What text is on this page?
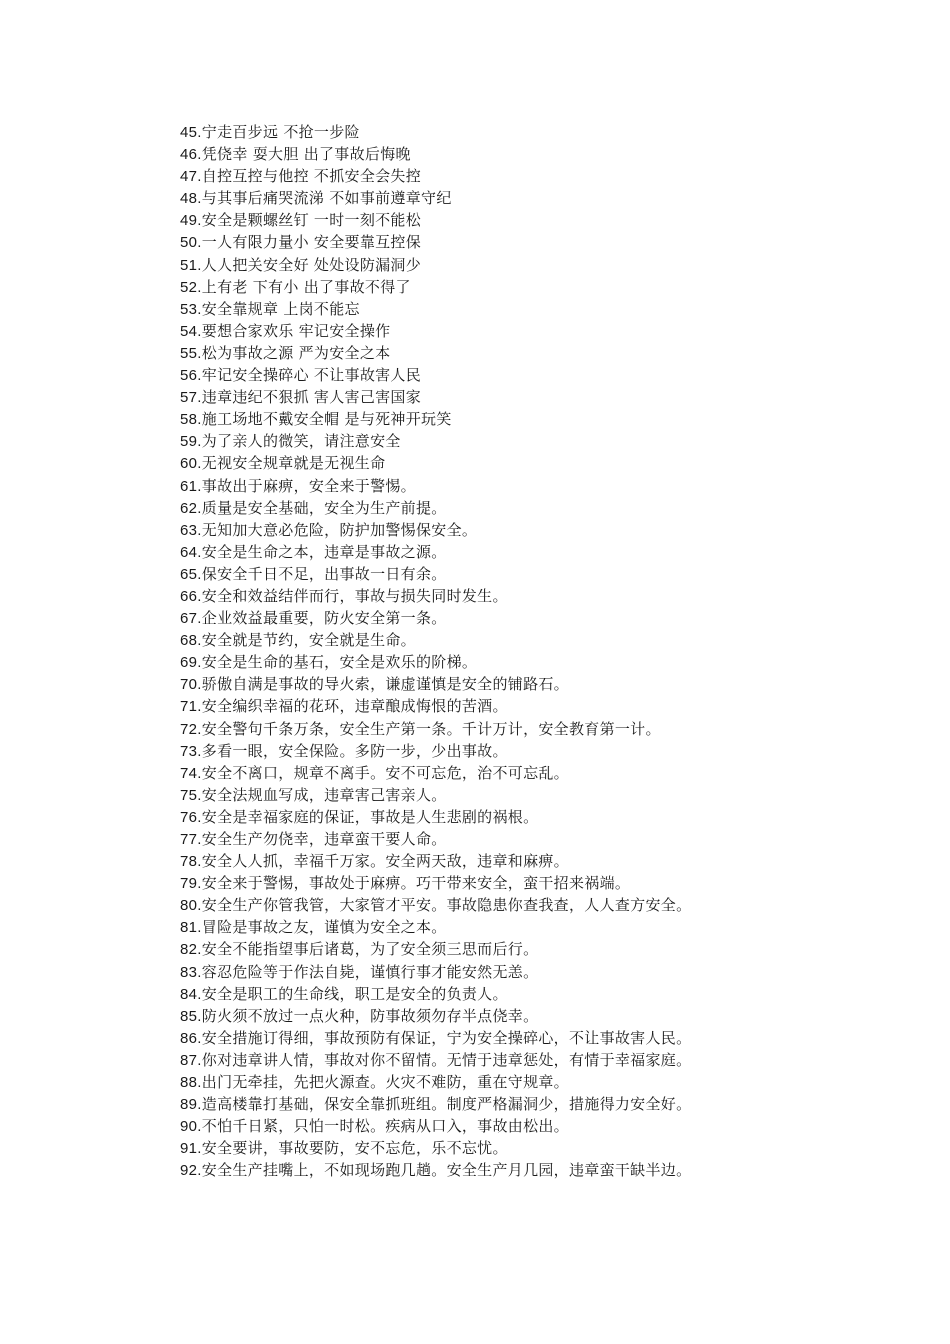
45.宁走百步远 不抢一步险
46.凭侥幸 耍大胆 出了事故后悔晚
47.自控互控与他控 不抓安全会失控
48.与其事后痛哭流涕 不如事前遵章守纪
49.安全是颗螺丝钉 一时一刻不能松
50.一人有限力量小 安全要靠互控保
51.人人把关安全好 处处设防漏洞少
52.上有老 下有小 出了事故不得了
53.安全靠规章 上岗不能忘
54.要想合家欢乐 牢记安全操作
55.松为事故之源 严为安全之本
56.牢记安全操碎心 不让事故害人民
57.违章违纪不狠抓 害人害己害国家
58.施工场地不戴安全帽 是与死神开玩笑
59.为了亲人的微笑，请注意安全
60.无视安全规章就是无视生命
61.事故出于麻痹，安全来于警惕。
62.质量是安全基础，安全为生产前提。
63.无知加大意必危险，防护加警惕保安全。
64.安全是生命之本，违章是事故之源。
65.保安全千日不足，出事故一日有余。
66.安全和效益结伴而行，事故与损失同时发生。
67.企业效益最重要，防火安全第一条。
68.安全就是节约，安全就是生命。
69.安全是生命的基石，安全是欢乐的阶梯。
70.骄傲自满是事故的导火索，谦虚谨慎是安全的铺路石。
71.安全编织幸福的花环，违章酿成悔恨的苦酒。
72.安全警句千条万条，安全生产第一条。千计万计，安全教育第一计。
73.多看一眼，安全保险。多防一步，少出事故。
74.安全不离口，规章不离手。安不可忘危，治不可忘乱。
75.安全法规血写成，违章害己害亲人。
76.安全是幸福家庭的保证，事故是人生悲剧的祸根。
77.安全生产勿侥幸，违章蛮干要人命。
78.安全人人抓，幸福千万家。安全两天敌，违章和麻痹。
79.安全来于警惕，事故处于麻痹。巧干带来安全，蛮干招来祸端。
80.安全生产你管我管，大家管才平安。事故隐患你查我查，人人查方安全。
81.冒险是事故之友，谨慎为安全之本。
82.安全不能指望事后诸葛，为了安全须三思而后行。
83.容忍危险等于作法自毙，谨慎行事才能安然无恙。
84.安全是职工的生命线，职工是安全的负责人。
85.防火须不放过一点火种，防事故须勿存半点侥幸。
86.安全措施订得细，事故预防有保证，宁为安全操碎心，不让事故害人民。
87.你对违章讲人情，事故对你不留情。无情于违章惩处，有情于幸福家庭。
88.出门无牵挂，先把火源查。火灾不难防，重在守规章。
89.造高楼靠打基础，保安全靠抓班组。制度严格漏洞少，措施得力安全好。
90.不怕千日紧，只怕一时松。疾病从口入，事故由松出。
91.安全要讲，事故要防，安不忘危，乐不忘忧。
92.安全生产挂嘴上，不如现场跑几趟。安全生产月几园，违章蛮干缺半边。
